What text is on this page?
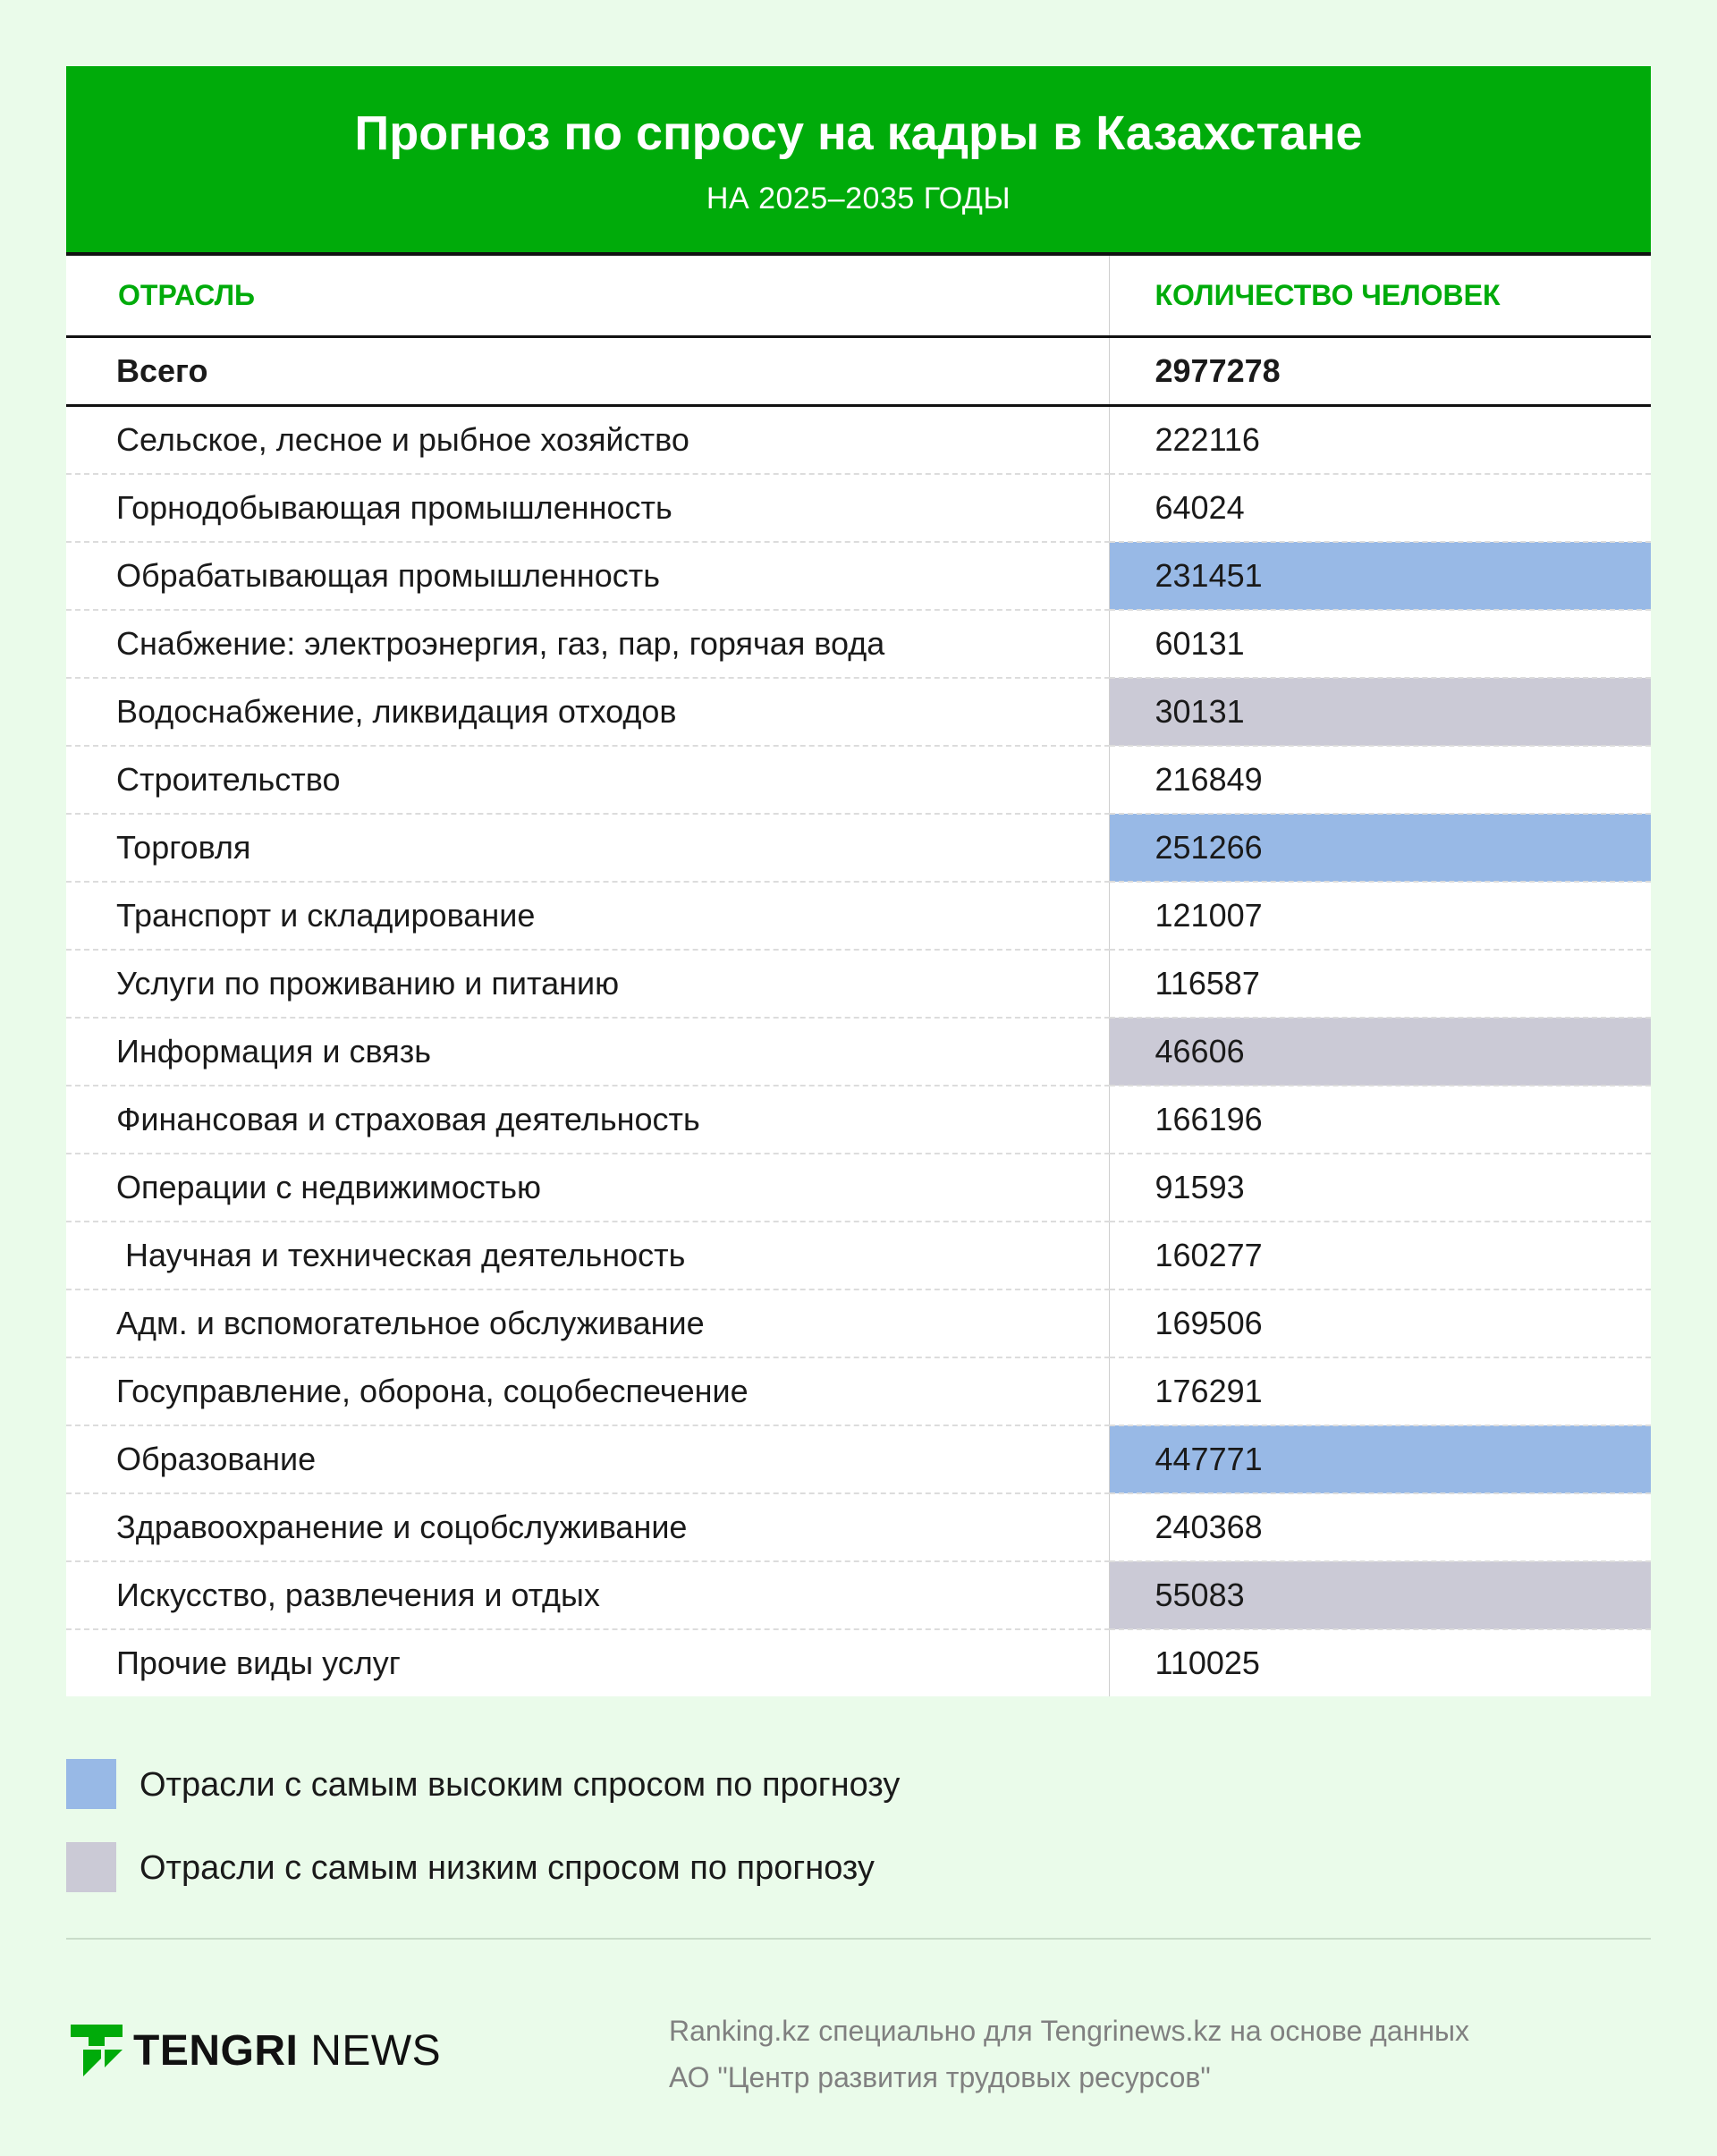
Прогноз по спросу на кадры в Казахстане
НА 2025–2035 ГОДЫ
ОТРАСЛЬ	КОЛИЧЕСТВО ЧЕЛОВЕК
Всего	2977278
Сельское, лесное и рыбное хозяйство	222116
Горнодобывающая промышленность	64024
Обрабатывающая промышленность	231451
Снабжение: электроэнергия, газ, пар, горячая вода	60131
Водоснабжение, ликвидация отходов	30131
Строительство	216849
Торговля	251266
Транспорт и складирование	121007
Услуги по проживанию и питанию	116587
Информация и связь	46606
Финансовая и страховая деятельность	166196
Операции с недвижимостью	91593
Научная и техническая деятельность	160277
Адм. и вспомогательное обслуживание	169506
Госуправление, оборона, соцобеспечение	176291
Образование	447771
Здравоохранение и соцобслуживание	240368
Искусство, развлечения и отдых	55083
Прочие виды услуг	110025
Отрасли с самым высоким спросом по прогнозу
Отрасли с самым низким спросом по прогнозу
TENGRI NEWS	Ranking.kz специально для Tengrinews.kz на основе данных
АО "Центр развития трудовых ресурсов"
